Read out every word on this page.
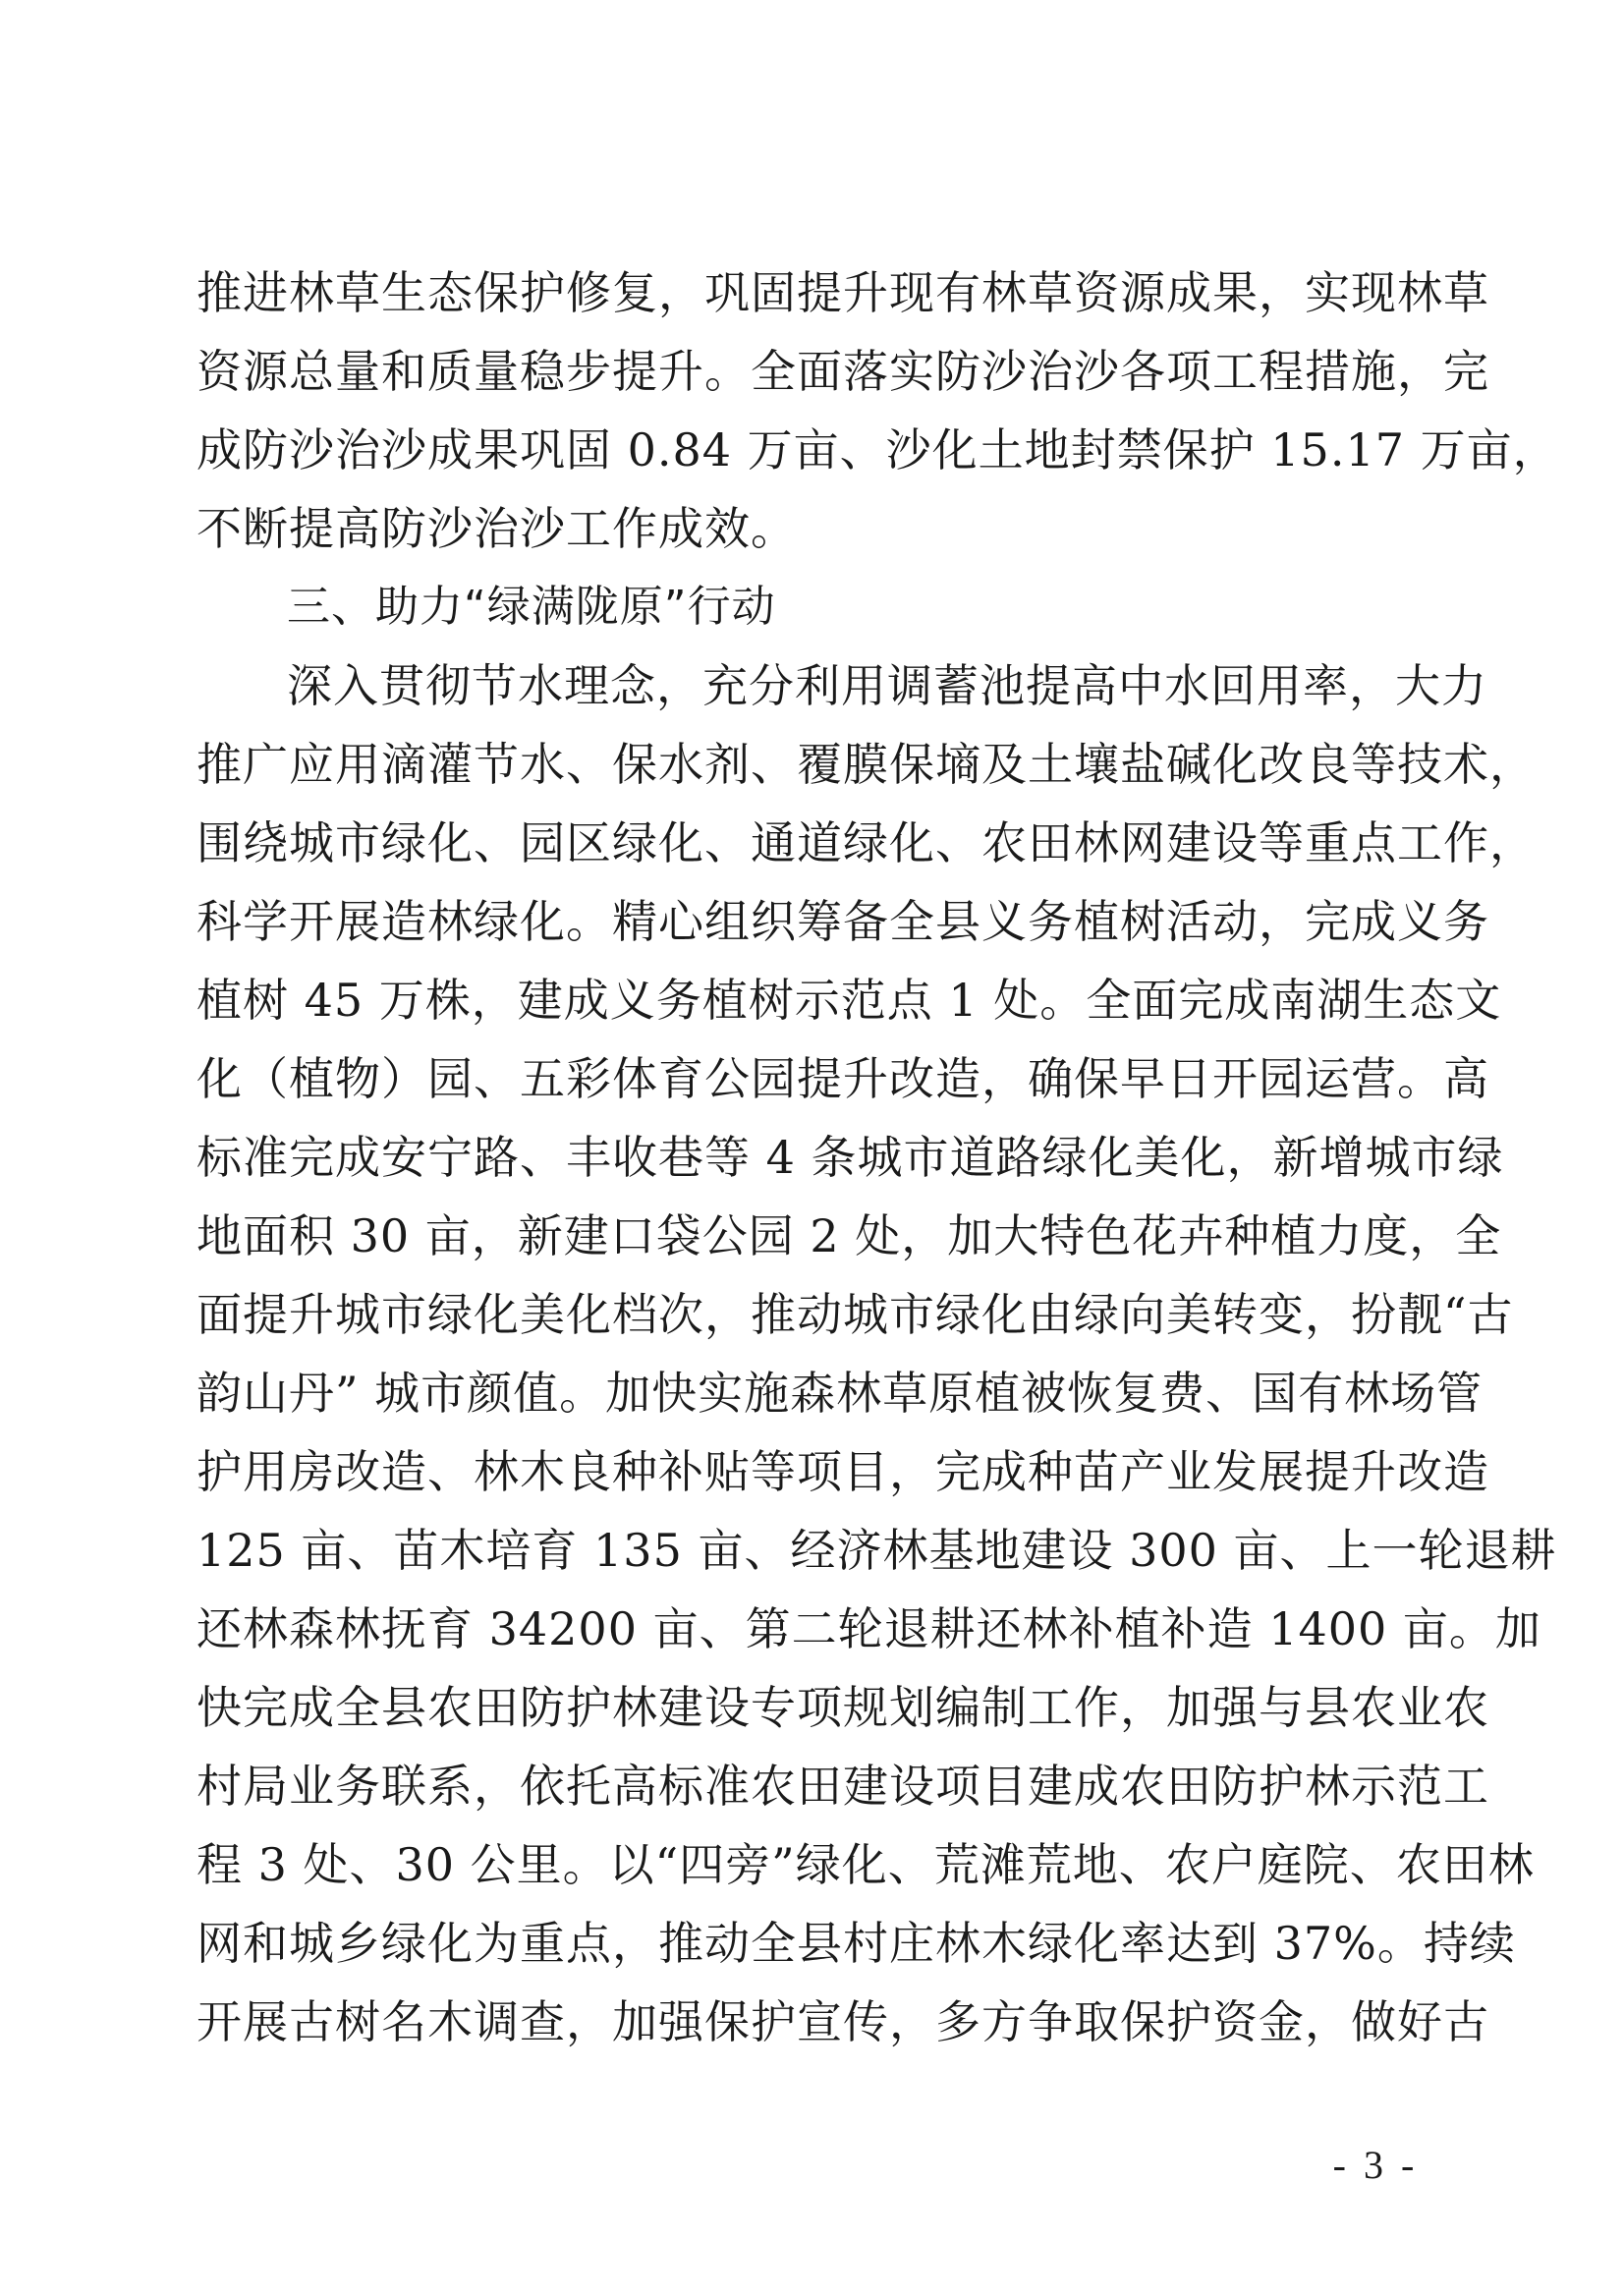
推进林草生态保护修复，巩固提升现有林草资源成果，实现林草
资源总量和质量稳步提升。全面落实防沙治沙各项工程措施，完
成防沙治沙成果巩固 0.84 万亩、沙化土地封禁保护 15.17 万亩，
不断提高防沙治沙工作成效。
三、助力“绿满陇原”行动
深入贯彻节水理念，充分利用调蓄池提高中水回用率，大力
推广应用滴灌节水、保水剂、覆膜保墒及土壤盐碱化改良等技术，
围绕城市绿化、园区绿化、通道绿化、农田林网建设等重点工作，
科学开展造林绿化。精心组织筹备全县义务植树活动，完成义务
植树 45 万株，建成义务植树示范点 1 处。全面完成南湖生态文
化（植物）园、五彩体育公园提升改造，确保早日开园运营。高
标准完成安宁路、丰收巷等 4 条城市道路绿化美化，新增城市绿
地面积 30 亩，新建口袋公园 2 处，加大特色花卉种植力度，全
面提升城市绿化美化档次，推动城市绿化由绿向美转变，扮靓“古
韵山丹” 城市颜值。加快实施森林草原植被恢复费、国有林场管
护用房改造、林木良种补贴等项目，完成种苗产业发展提升改造
125 亩、苗木培育 135 亩、经济林基地建设 300 亩、上一轮退耕
还林森林抚育 34200 亩、第二轮退耕还林补植补造 1400 亩。加
快完成全县农田防护林建设专项规划编制工作，加强与县农业农
村局业务联系，依托高标准农田建设项目建成农田防护林示范工
程 3 处、30 公里。以“四旁”绿化、荒滩荒地、农户庭院、农田林
网和城乡绿化为重点，推动全县村庄林木绿化率达到 37%。持续
开展古树名木调查，加强保护宣传，多方争取保护资金，做好古
- 3 -
